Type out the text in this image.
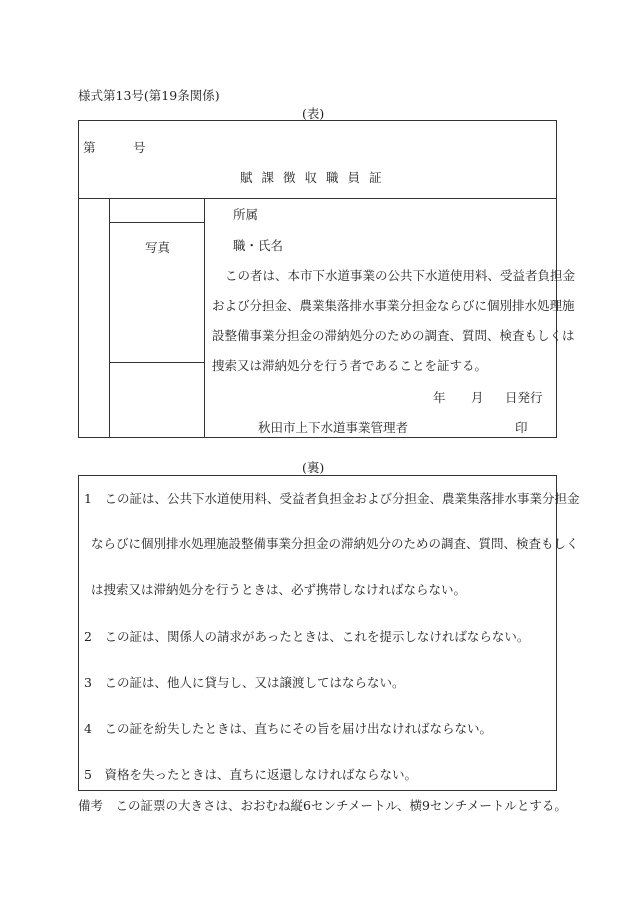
様式第13号(第19条関係)
(表)
第　　　号
賦課徴収職員証
写真
所属
職・氏名
この者は、本市下水道事業の公共下水道使用料、受益者負担金
および分担金、農業集落排水事業分担金ならびに個別排水処理施
設整備事業分担金の滞納処分のための調査、質問、検査もしくは
捜索又は滞納処分を行う者であることを証する。
年 月 日発行
秋田市上下水道事業管理者	印
(裏)
1　この証は、公共下水道使用料、受益者負担金および分担金、農業集落排水事業分担金
ならびに個別排水処理施設整備事業分担金の滞納処分のための調査、質問、検査もしく
は捜索又は滞納処分を行うときは、必ず携帯しなければならない。
2　この証は、関係人の請求があったときは、これを提示しなければならない。
3　この証は、他人に貸与し、又は譲渡してはならない。
4　この証を紛失したときは、直ちにその旨を届け出なければならない。
5　資格を失ったときは、直ちに返還しなければならない。
備考　この証票の大きさは、おおむね縦6センチメートル、横9センチメートルとする。
